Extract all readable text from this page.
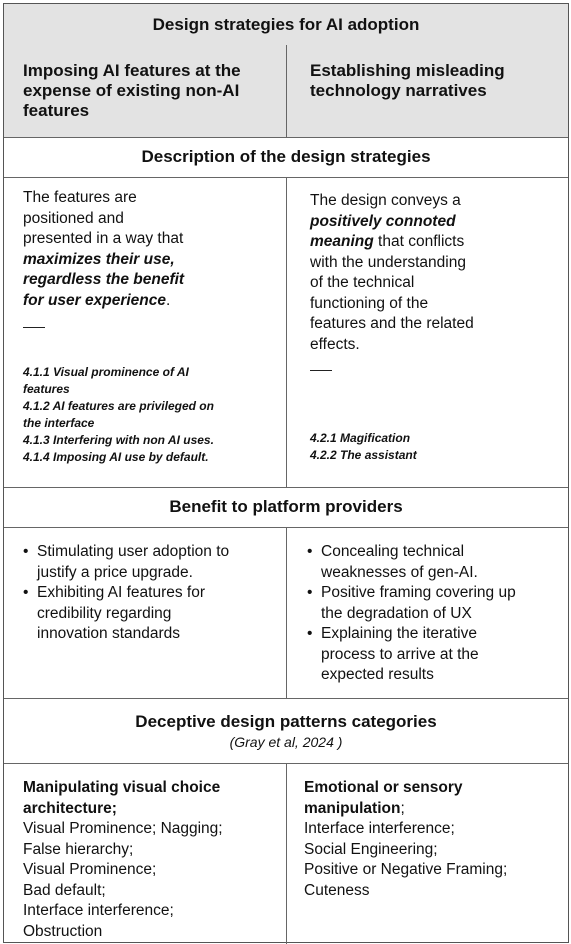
Design strategies for AI adoption
Imposing AI features at the expense of existing non-AI features
Establishing misleading technology narratives
Description of the design strategies
The features are
positioned and
presented in a way that
maximizes their use,
regardless the benefit
for user experience.
4.1.1 Visual prominence of AI
features
4.1.2 AI features are privileged on
the interface
4.1.3 Interfering with non AI uses.
4.1.4 Imposing AI use by default.
The design conveys a
positively connoted
meaning that conflicts
with the understanding
of the technical
functioning of the
features and the related
effects.
4.2.1 Magification
4.2.2 The assistant
Benefit to platform providers
• Stimulating user adoption to
justify a price upgrade.
• Exhibiting AI features for
credibility regarding
innovation standards
• Concealing technical
weaknesses of gen-AI.
• Positive framing covering up
the degradation of UX
• Explaining the iterative
process to arrive at the
expected results
Deceptive design patterns categories
(Gray et al, 2024 )
Manipulating visual choice
architecture;
Visual Prominence; Nagging;
False hierarchy;
Visual Prominence;
Bad default;
Interface interference;
Obstruction
Emotional or sensory
manipulation;
Interface interference;
Social Engineering;
Positive or Negative Framing;
Cuteness
